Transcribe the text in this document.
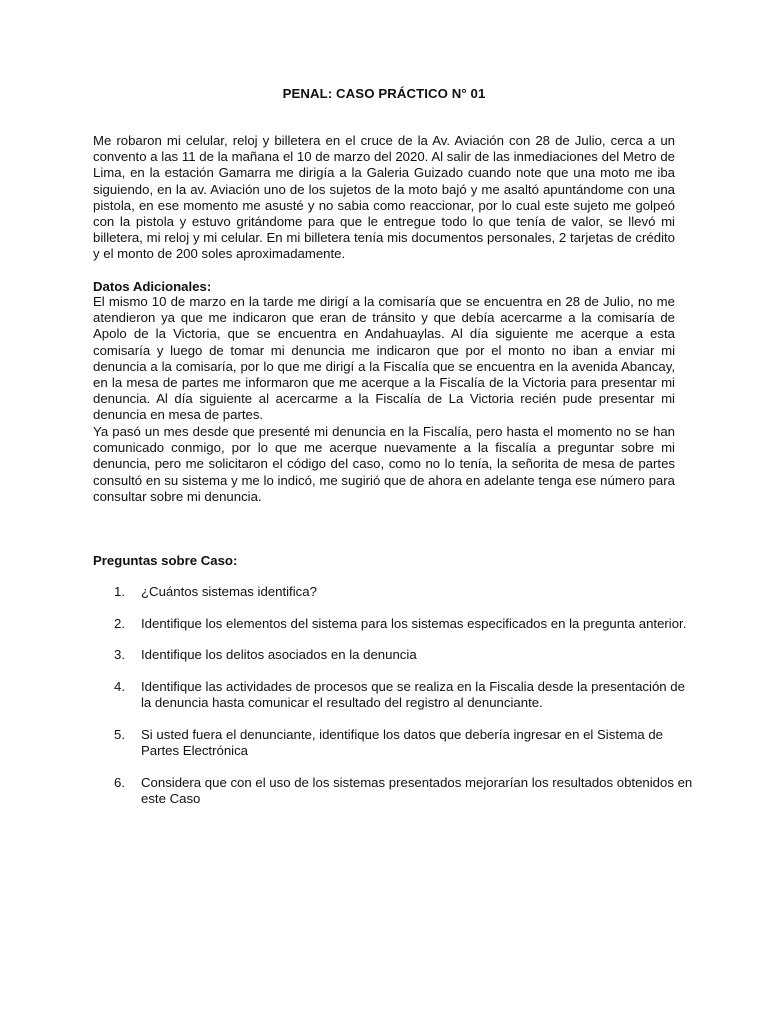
PENAL: CASO PRÁCTICO N° 01

Me robaron mi celular, reloj y billetera en el cruce de la Av. Aviación con 28 de Julio, cerca a un convento a las 11 de la mañana el 10 de marzo del 2020. Al salir de las inmediaciones del Metro de Lima, en la estación Gamarra me dirigía a la Galeria Guizado cuando note que una moto me iba siguiendo, en la av. Aviación uno de los sujetos de la moto bajó y me asaltó apuntándome con una pistola, en ese momento me asusté y no sabia como reaccionar, por lo cual este sujeto me golpeó con la pistola y estuvo gritándome para que le entregue todo lo que tenía de valor, se llevó mi billetera, mi reloj y mi celular. En mi billetera tenía mis documentos personales, 2 tarjetas de crédito y el monto de 200 soles aproximadamente.

Datos Adicionales:

El mismo 10 de marzo en la tarde me dirigí a la comisaría que se encuentra en 28 de Julio, no me atendieron ya que me indicaron que eran de tránsito y que debía acercarme a la comisaría de Apolo de la Victoria, que se encuentra en Andahuaylas. Al día siguiente me acerque a esta comisaría y luego de tomar mi denuncia me indicaron que por el monto no iban a enviar mi denuncia a la comisaría, por lo que me dirigí a la Fiscalía que se encuentra en la avenida Abancay, en la mesa de partes me informaron que me acerque a la Fiscalía de la Victoria para presentar mi denuncia. Al día siguiente al acercarme a la Fiscalía de La Victoria recién pude presentar mi denuncia en mesa de partes.

Ya pasó un mes desde que presenté mi denuncia en la Fiscalía, pero hasta el momento no se han comunicado conmigo, por lo que me acerque nuevamente a la fiscalía a preguntar sobre mi denuncia, pero me solicitaron el código del caso, como no lo tenía, la señorita de mesa de partes consultó en su sistema y me lo indicó, me sugirió que de ahora en adelante tenga ese número para consultar sobre mi denuncia.

Preguntas sobre Caso:
1. ¿Cuántos sistemas identifica?
2. Identifique los elementos del sistema para los sistemas especificados en la pregunta anterior.
3. Identifique los delitos asociados en la denuncia
4. Identifique las actividades de procesos que se realiza en la Fiscalia desde la presentación de la denuncia hasta comunicar el resultado del registro al denunciante.
5. Si usted fuera el denunciante, identifique los datos que debería ingresar en el Sistema de Partes Electrónica
6. Considera que con el uso de los sistemas presentados mejorarían los resultados obtenidos en este Caso
